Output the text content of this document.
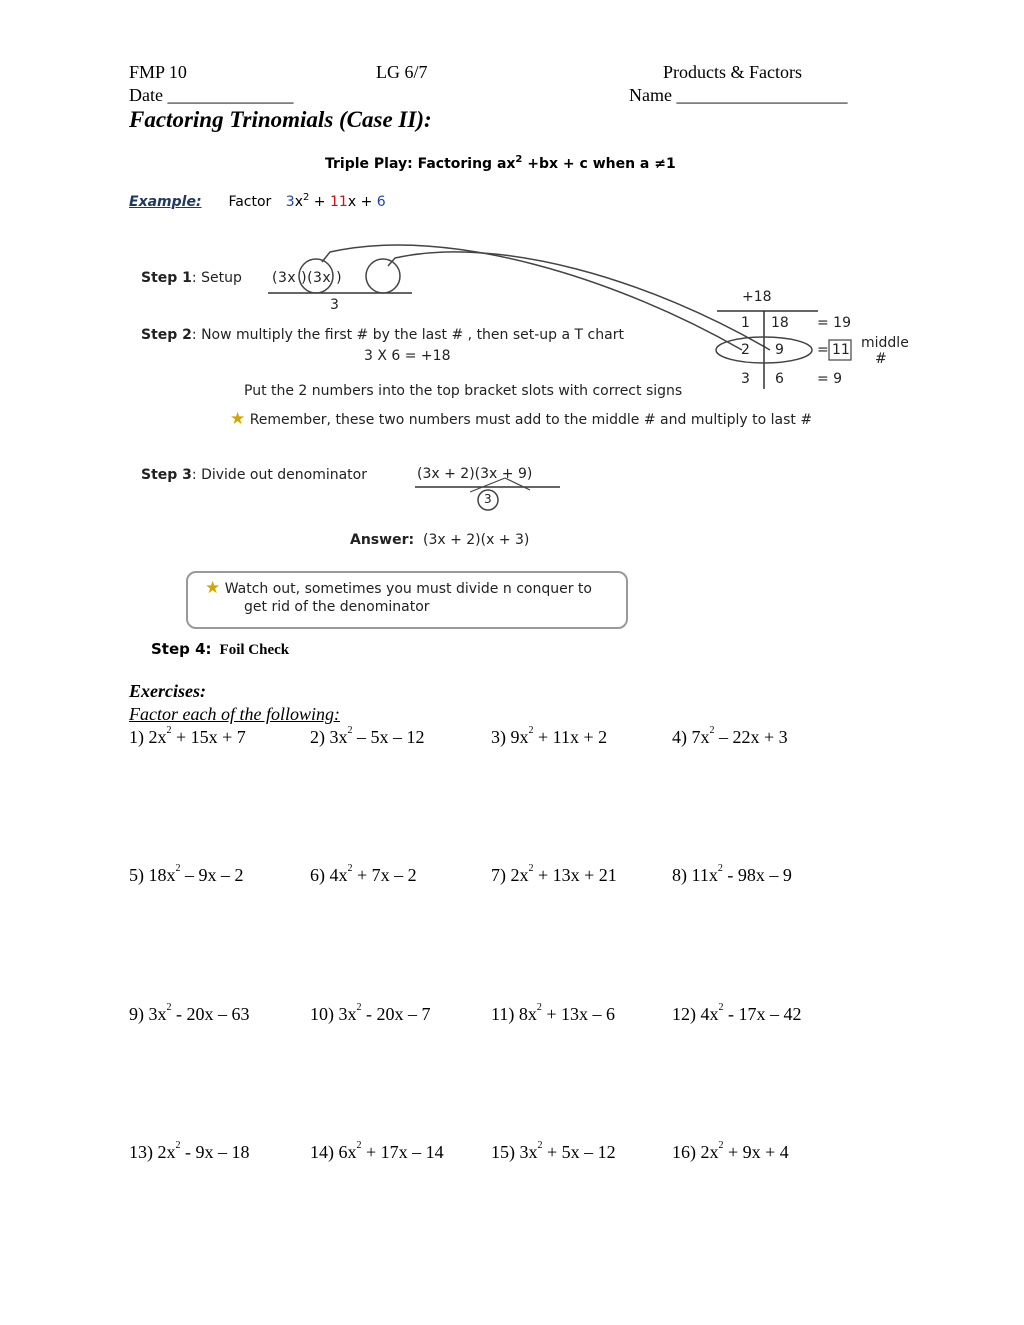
FMP 10	LG 6/7	Products & Factors
Date ______________	Name ___________________
Factoring Trinomials (Case II):
Triple Play: Factoring $ax^2 +bx + c$ when a ≠1
Example: Factor $3x^2 + 11x + 6$
Step 1: Setup (3x )(3x )
3
Step 2: Now multiply the first # by the last # , then set-up a T chart
3 X 6 = +18
+18
1 18 = 19
2 9 = 11
3 6 = 9
middle
#
Put the 2 numbers into the top bracket slots with correct signs
★ Remember, these two numbers must add to the middle # and multiply to last #
Step 3: Divide out denominator	(3x + 2)(3x + 9)
3
Answer: (3x + 2)(x + 3)
★ Watch out, sometimes you must divide n conquer to
get rid of the denominator
Step 4: Foil Check
Exercises:
Factor each of the following:
1) $2x^2 + 15x + 7$	2) $3x^2 - 5x - 12$	3) $9x^2 + 11x + 2$	4) $7x^2 - 22x + 3$
5) $18x^2 - 9x - 2$	6) $4x^2 + 7x - 2$	7) $2x^2 + 13x + 21$	8) $11x^2 - 98x - 9$
9) $3x^2 - 20x - 63$	10) $3x^2 - 20x - 7$	11) $8x^2 + 13x - 6$	12) $4x^2 - 17x - 42$
13) $2x^2 - 9x - 18$	14) $6x^2 + 17x - 14$	15) $3x^2 + 5x - 12$	16) $2x^2 + 9x + 4$
